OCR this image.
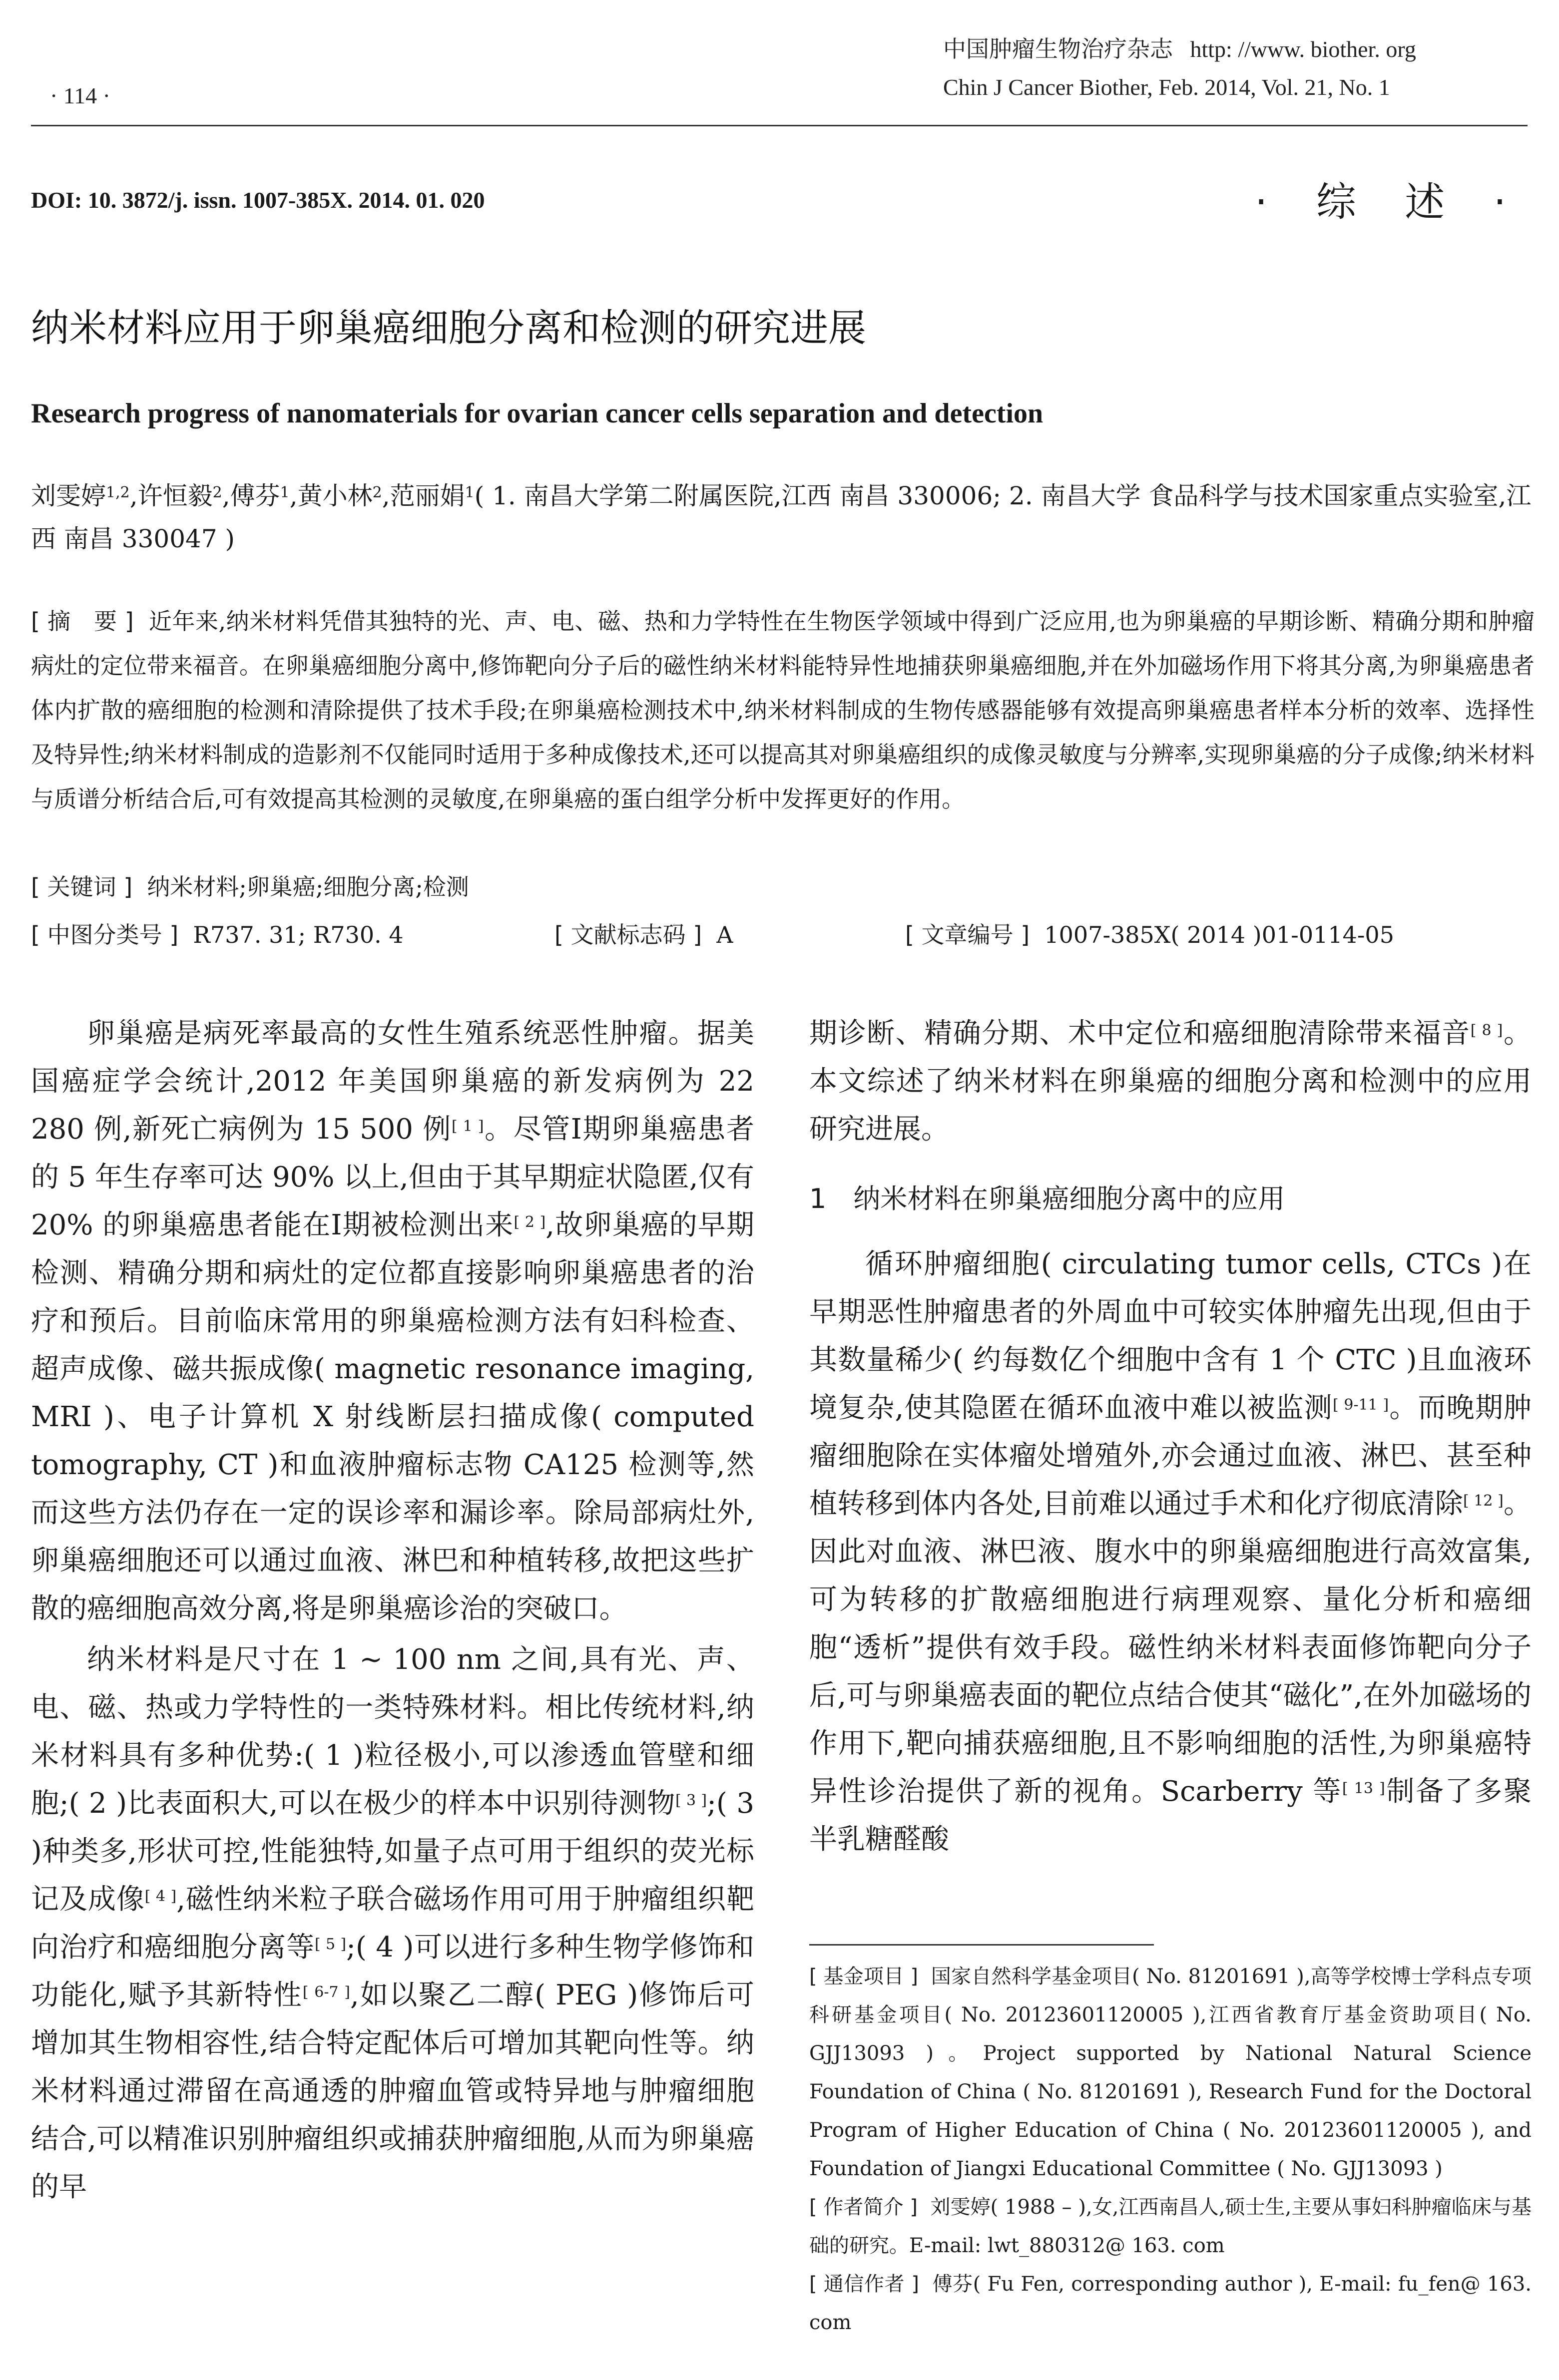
· 114 ·
中国肿瘤生物治疗杂志 http: //www. biother. org
Chin J Cancer Biother, Feb. 2014, Vol. 21, No. 1
DOI: 10. 3872/j. issn. 1007-385X. 2014. 01. 020	· 综 述 ·
纳米材料应用于卵巢癌细胞分离和检测的研究进展
Research progress of nanomaterials for ovarian cancer cells separation and detection
刘雯婷$^{1,2}$,许恒毅$^2$,傅芬$^1$,黄小林$^2$,范丽娟$^1$( 1. 南昌大学第二附属医院,江西 南昌 330006; 2. 南昌大学 食品科学与技术国家重点实验室,江西 南昌 330047 )
[ 摘　要 ] 近年来,纳米材料凭借其独特的光、声、电、磁、热和力学特性在生物医学领域中得到广泛应用,也为卵巢癌的早期诊断、精确分期和肿瘤病灶的定位带来福音。在卵巢癌细胞分离中,修饰靶向分子后的磁性纳米材料能特异性地捕获卵巢癌细胞,并在外加磁场作用下将其分离,为卵巢癌患者体内扩散的癌细胞的检测和清除提供了技术手段;在卵巢癌检测技术中,纳米材料制成的生物传感器能够有效提高卵巢癌患者样本分析的效率、选择性及特异性;纳米材料制成的造影剂不仅能同时适用于多种成像技术,还可以提高其对卵巢癌组织的成像灵敏度与分辨率,实现卵巢癌的分子成像;纳米材料与质谱分析结合后,可有效提高其检测的灵敏度,在卵巢癌的蛋白组学分析中发挥更好的作用。
[ 关键词 ] 纳米材料;卵巢癌;细胞分离;检测
[ 中图分类号 ] R737. 31; R730. 4	[ 文献标志码 ] A	[ 文章编号 ] 1007-385X( 2014 )01-0114-05

卵巢癌是病死率最高的女性生殖系统恶性肿瘤。据美国癌症学会统计,2012 年美国卵巢癌的新发病例为 22 280 例,新死亡病例为 15 500 例[ 1 ]。尽管Ⅰ期卵巢癌患者的 5 年生存率可达 90% 以上,但由于其早期症状隐匿,仅有 20% 的卵巢癌患者能在Ⅰ期被检测出来[ 2 ],故卵巢癌的早期检测、精确分期和病灶的定位都直接影响卵巢癌患者的治疗和预后。目前临床常用的卵巢癌检测方法有妇科检查、超声成像、磁共振成像( magnetic resonance imaging, MRI )、电子计算机 X 射线断层扫描成像( computed tomography, CT )和血液肿瘤标志物 CA125 检测等,然而这些方法仍存在一定的误诊率和漏诊率。除局部病灶外,卵巢癌细胞还可以通过血液、淋巴和种植转移,故把这些扩散的癌细胞高效分离,将是卵巢癌诊治的突破口。

纳米材料是尺寸在 1 ~ 100 nm 之间,具有光、声、电、磁、热或力学特性的一类特殊材料。相比传统材料,纳米材料具有多种优势:( 1 )粒径极小,可以渗透血管壁和细胞;( 2 )比表面积大,可以在极少的样本中识别待测物[ 3 ];( 3 )种类多,形状可控,性能独特,如量子点可用于组织的荧光标记及成像[ 4 ],磁性纳米粒子联合磁场作用可用于肿瘤组织靶向治疗和癌细胞分离等[ 5 ];( 4 )可以进行多种生物学修饰和功能化,赋予其新特性[ 6-7 ],如以聚乙二醇( PEG )修饰后可增加其生物相容性,结合特定配体后可增加其靶向性等。纳米材料通过滞留在高通透的肿瘤血管或特异地与肿瘤细胞结合,可以精准识别肿瘤组织或捕获肿瘤细胞,从而为卵巢癌的早

期诊断、精确分期、术中定位和癌细胞清除带来福音[ 8 ]。本文综述了纳米材料在卵巢癌的细胞分离和检测中的应用研究进展。

1　纳米材料在卵巢癌细胞分离中的应用

循环肿瘤细胞( circulating tumor cells, CTCs )在早期恶性肿瘤患者的外周血中可较实体肿瘤先出现,但由于其数量稀少( 约每数亿个细胞中含有 1 个 CTC )且血液环境复杂,使其隐匿在循环血液中难以被监测[ 9-11 ]。而晚期肿瘤细胞除在实体瘤处增殖外,亦会通过血液、淋巴、甚至种植转移到体内各处,目前难以通过手术和化疗彻底清除[ 12 ]。因此对血液、淋巴液、腹水中的卵巢癌细胞进行高效富集,可为转移的扩散癌细胞进行病理观察、量化分析和癌细胞“透析”提供有效手段。磁性纳米材料表面修饰靶向分子后,可与卵巢癌表面的靶位点结合使其“磁化”,在外加磁场的作用下,靶向捕获癌细胞,且不影响细胞的活性,为卵巢癌特异性诊治提供了新的视角。Scarberry 等[ 13 ]制备了多聚半乳糖醛酸

[ 基金项目 ] 国家自然科学基金项目( No. 81201691 ),高等学校博士学科点专项科研基金项目( No. 20123601120005 ),江西省教育厅基金资助项目( No. GJJ13093 )。Project supported by National Natural Science Foundation of China ( No. 81201691 ), Research Fund for the Doctoral Program of Higher Education of China ( No. 20123601120005 ), and Foundation of Jiangxi Educational Committee ( No. GJJ13093 )

[ 作者简介 ] 刘雯婷( 1988 – ),女,江西南昌人,硕士生,主要从事妇科肿瘤临床与基础的研究。E-mail: lwt_880312@ 163. com

[ 通信作者 ] 傅芬( Fu Fen, corresponding author ), E-mail: fu_fen@ 163. com
